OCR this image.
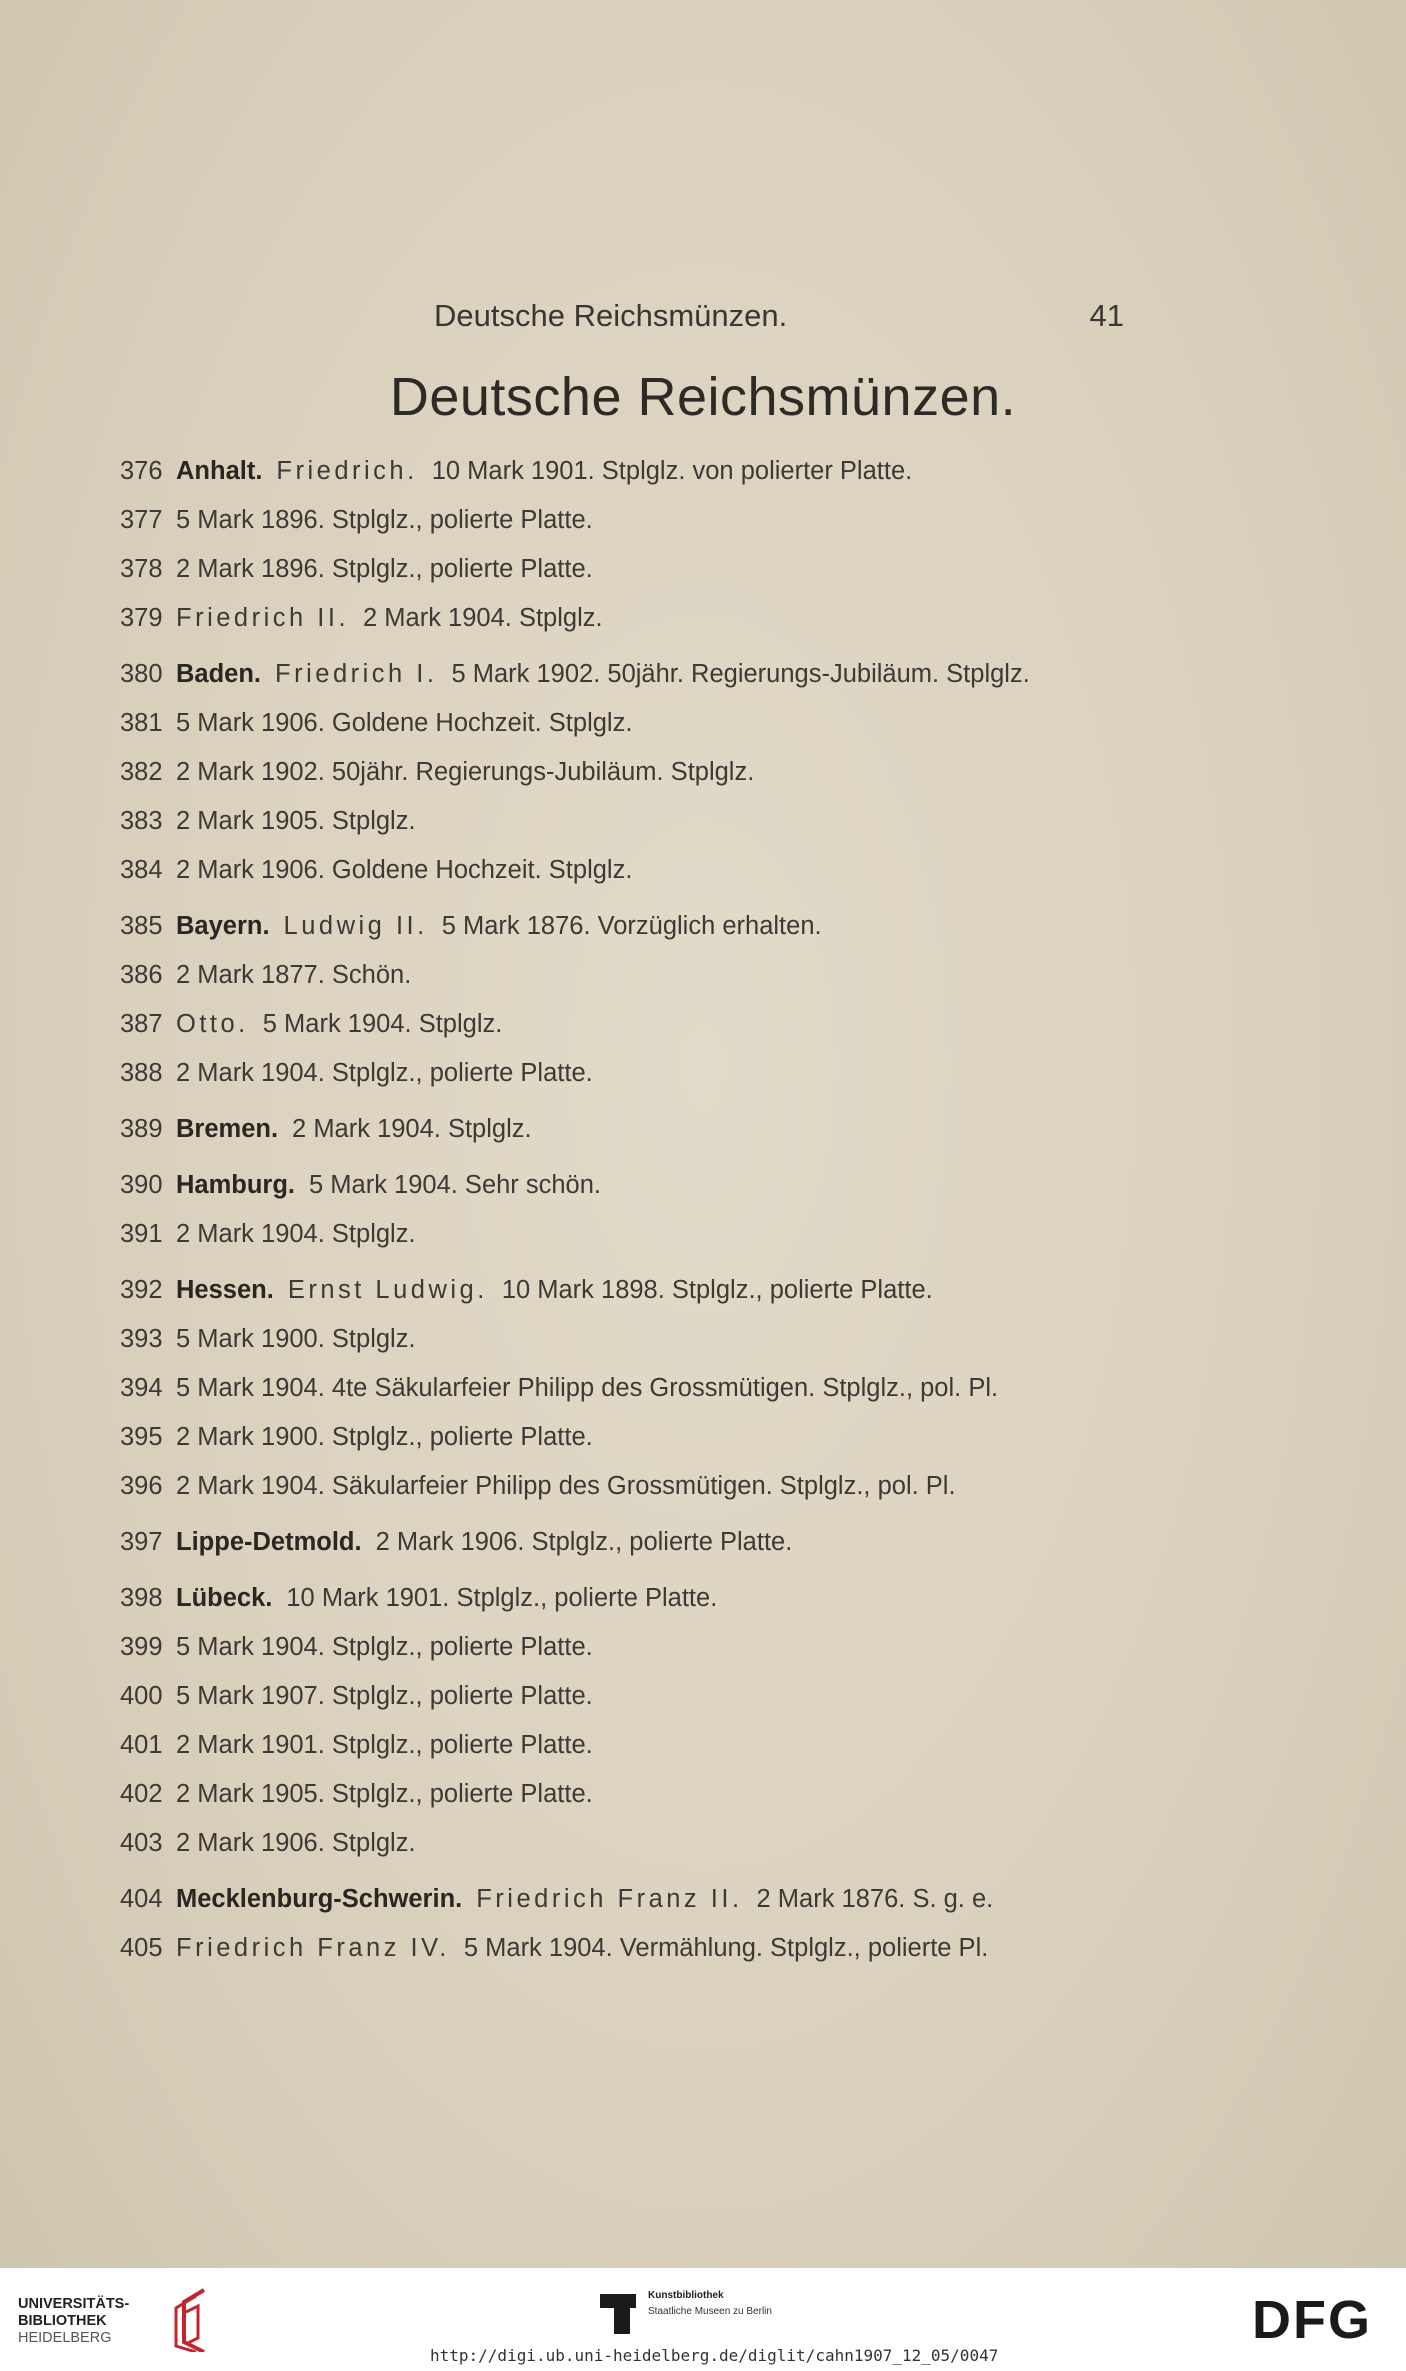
Deutsche Reichsmünzen.	41
Deutsche Reichsmünzen.
376 Anhalt. Friedrich. 10 Mark 1901. Stplglz. von polierter Platte.
377 5 Mark 1896. Stplglz., polierte Platte.
378 2 Mark 1896. Stplglz., polierte Platte.
379 Friedrich II. 2 Mark 1904. Stplglz.
380 Baden. Friedrich I. 5 Mark 1902. 50jähr. Regierungs-Jubiläum. Stplglz.
381 5 Mark 1906. Goldene Hochzeit. Stplglz.
382 2 Mark 1902. 50jähr. Regierungs-Jubiläum. Stplglz.
383 2 Mark 1905. Stplglz.
384 2 Mark 1906. Goldene Hochzeit. Stplglz.
385 Bayern. Ludwig II. 5 Mark 1876. Vorzüglich erhalten.
386 2 Mark 1877. Schön.
387 Otto. 5 Mark 1904. Stplglz.
388 2 Mark 1904. Stplglz., polierte Platte.
389 Bremen. 2 Mark 1904. Stplglz.
390 Hamburg. 5 Mark 1904. Sehr schön.
391 2 Mark 1904. Stplglz.
392 Hessen. Ernst Ludwig. 10 Mark 1898. Stplglz., polierte Platte.
393 5 Mark 1900. Stplglz.
394 5 Mark 1904. 4te Säkularfeier Philipp des Grossmütigen. Stplglz., pol. Pl.
395 2 Mark 1900. Stplglz., polierte Platte.
396 2 Mark 1904. Säkularfeier Philipp des Grossmütigen. Stplglz., pol. Pl.
397 Lippe-Detmold. 2 Mark 1906. Stplglz., polierte Platte.
398 Lübeck. 10 Mark 1901. Stplglz., polierte Platte.
399 5 Mark 1904. Stplglz., polierte Platte.
400 5 Mark 1907. Stplglz., polierte Platte.
401 2 Mark 1901. Stplglz., polierte Platte.
402 2 Mark 1905. Stplglz., polierte Platte.
403 2 Mark 1906. Stplglz.
404 Mecklenburg-Schwerin. Friedrich Franz II. 2 Mark 1876. S. g. e.
405 Friedrich Franz IV. 5 Mark 1904. Vermählung. Stplglz., polierte Pl.
UNIVERSITÄTS-
BIBLIOTHEK
HEIDELBERG
Kunstbibliothek
Staatliche Museen zu Berlin	DFG
http://digi.ub.uni-heidelberg.de/diglit/cahn1907_12_05/0047
